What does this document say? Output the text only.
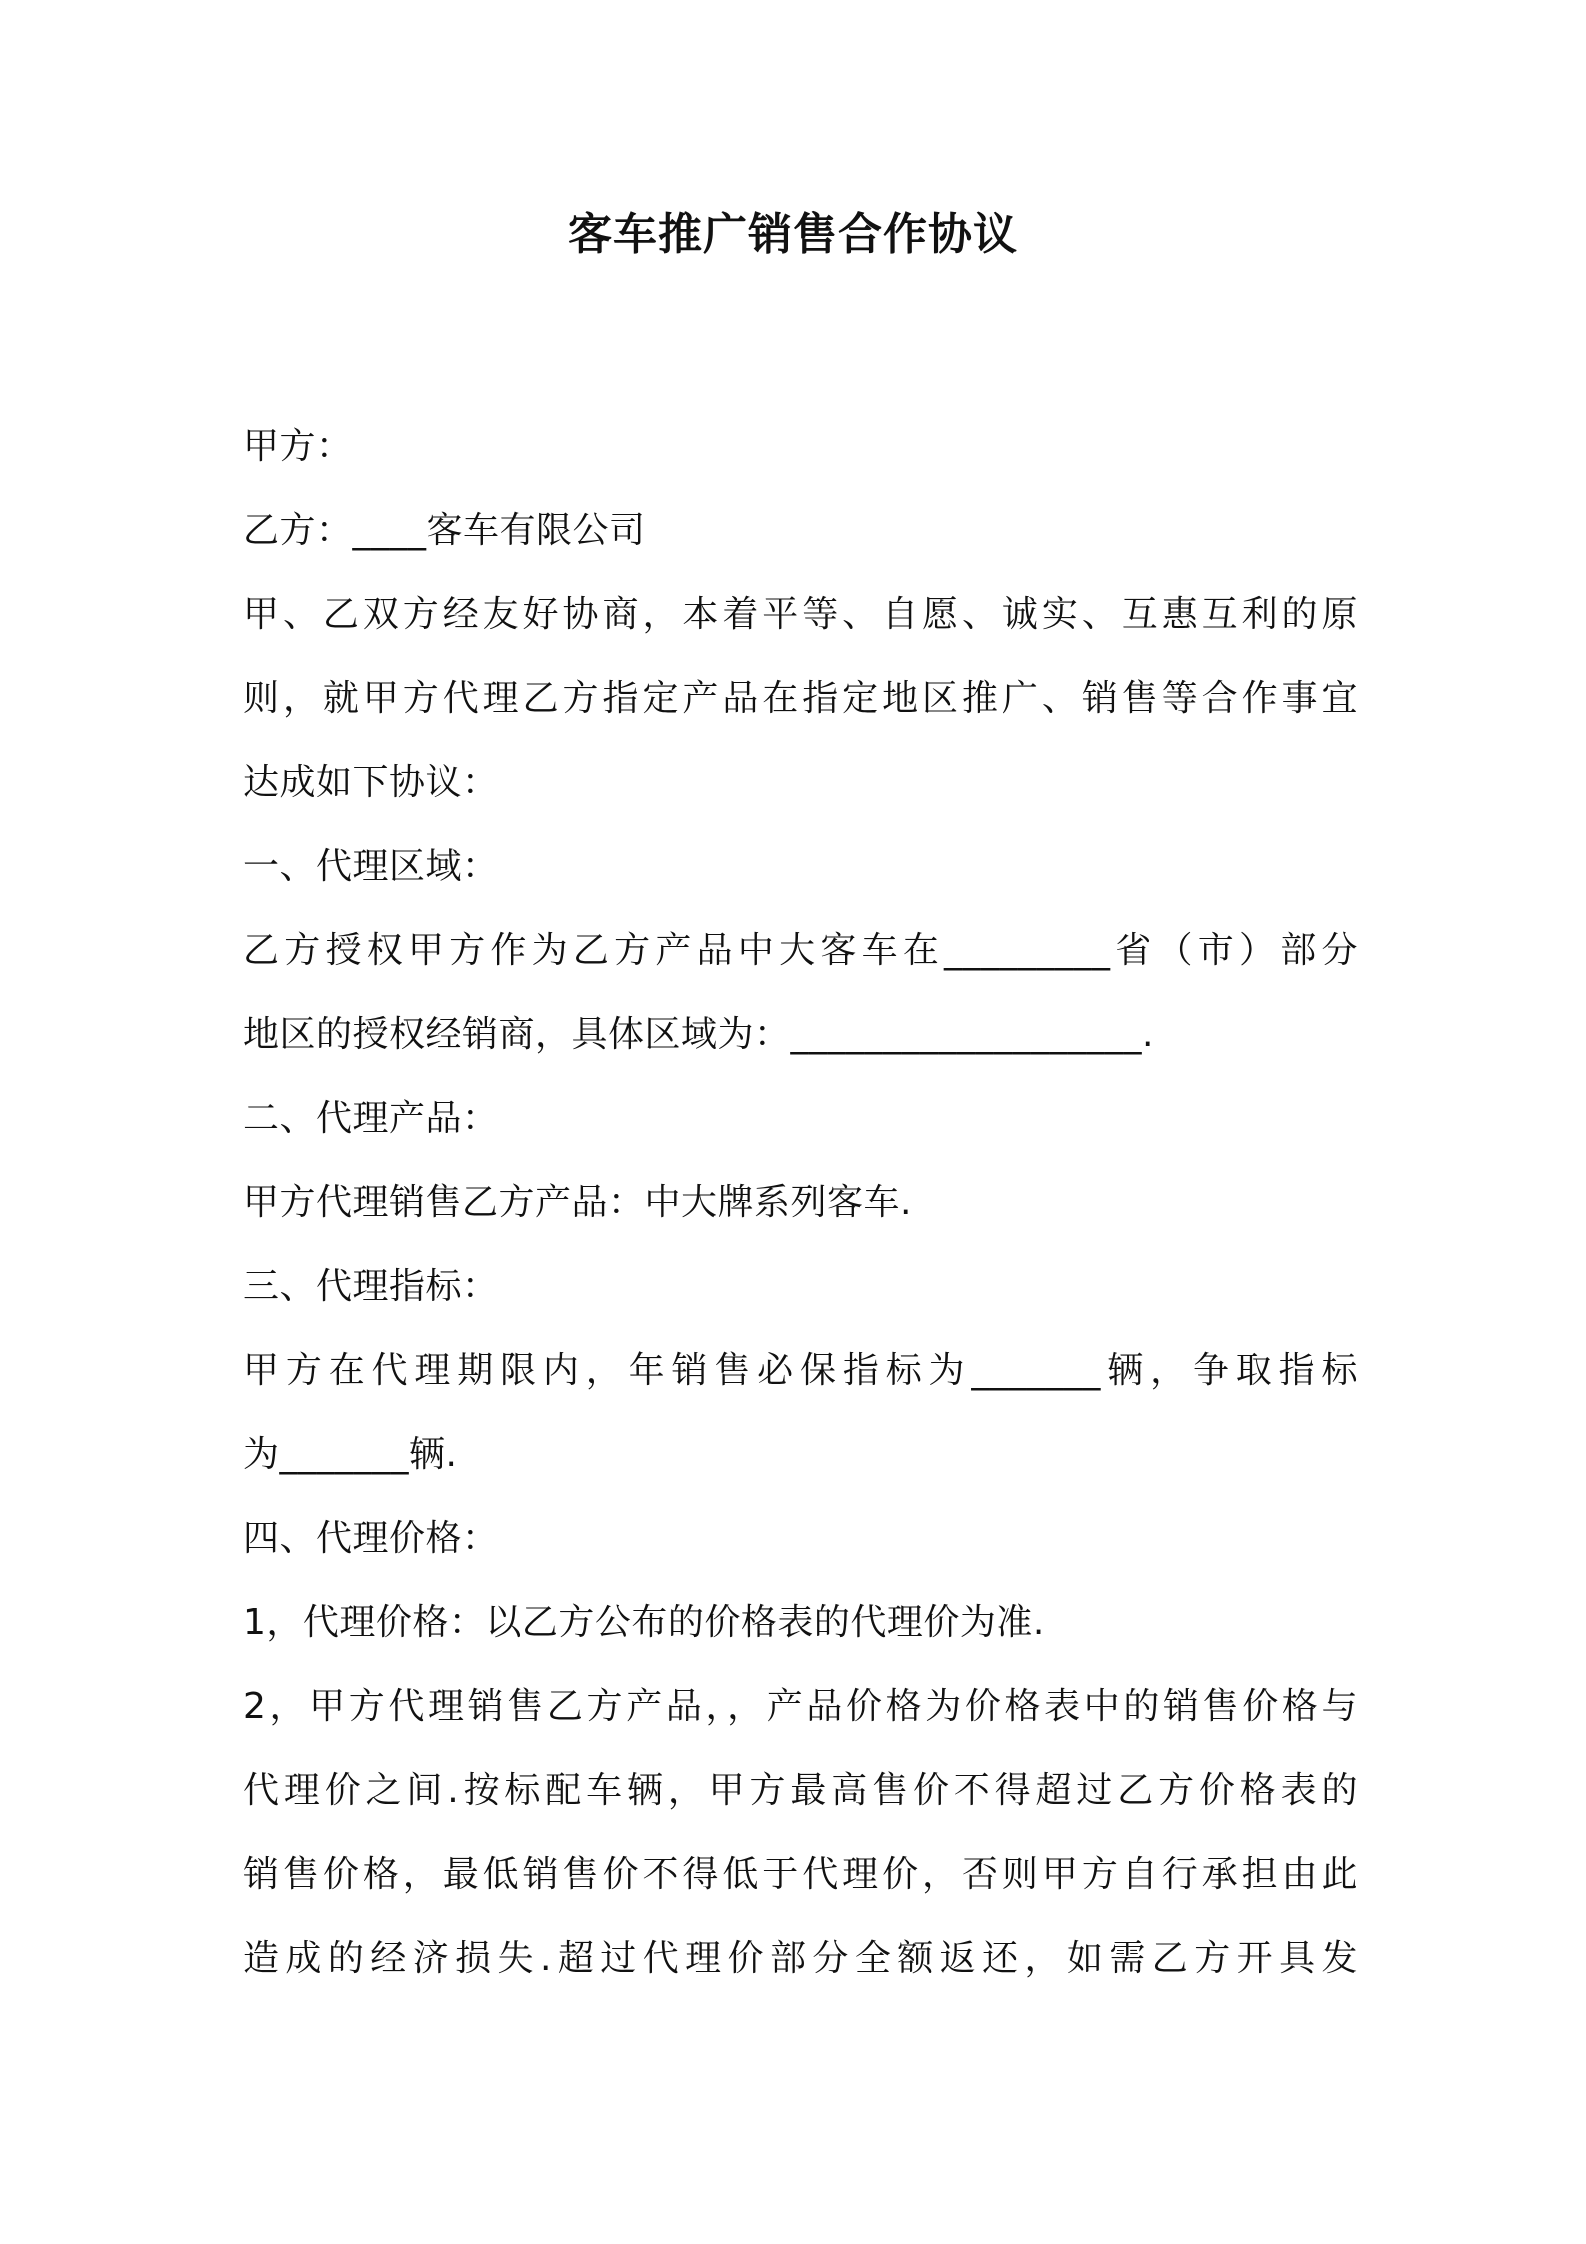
客车推广销售合作协议
甲方：
乙方：____客车有限公司
甲、乙双方经友好协商，本着平等、自愿、诚实、互惠互利的原
则，就甲方代理乙方指定产品在指定地区推广、销售等合作事宜
达成如下协议：
一、代理区域：
乙方授权甲方作为乙方产品中大客车在_________省（市）部分
地区的授权经销商，具体区域为：___________________.
二、代理产品：
甲方代理销售乙方产品：中大牌系列客车.
三、代理指标：
甲方在代理期限内，年销售必保指标为_______辆，争取指标
为_______辆.
四、代理价格：
1，代理价格：以乙方公布的价格表的代理价为准.
2，甲方代理销售乙方产品，，产品价格为价格表中的销售价格与
代理价之间.按标配车辆，甲方最高售价不得超过乙方价格表的
销售价格，最低销售价不得低于代理价，否则甲方自行承担由此
造成的经济损失.超过代理价部分全额返还，如需乙方开具发
